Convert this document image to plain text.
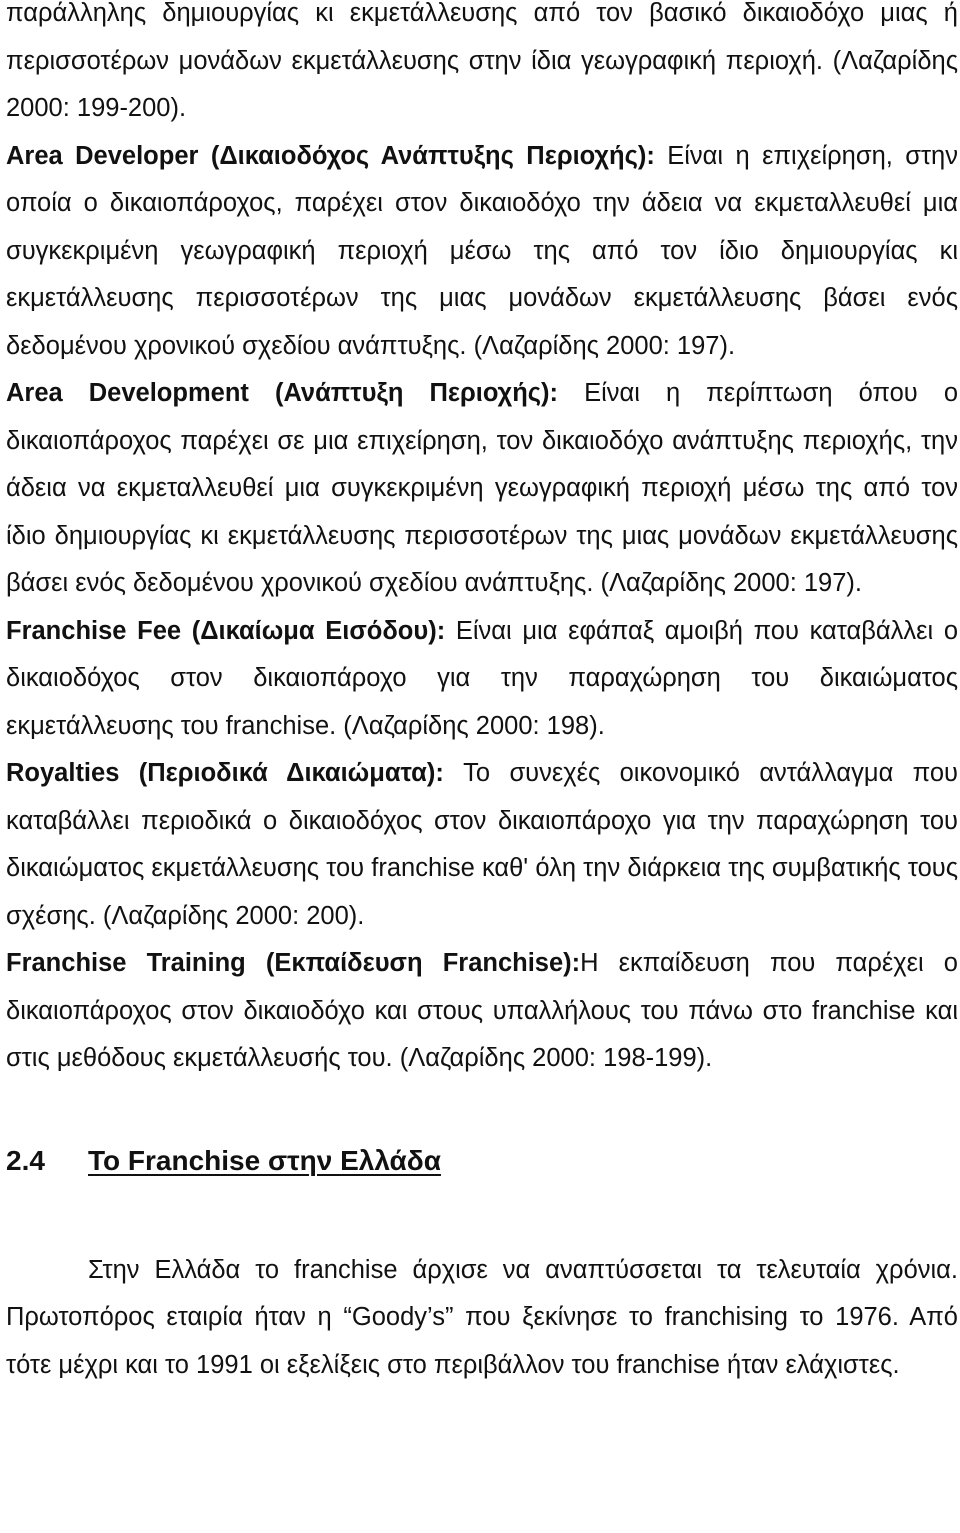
παράλληλης δημιουργίας κι εκμετάλλευσης από τον βασικό δικαιοδόχο μιας ή περισσοτέρων μονάδων εκμετάλλευσης στην ίδια γεωγραφική περιοχή. (Λαζαρίδης 2000: 199-200).

Area Developer (Δικαιοδόχος Ανάπτυξης Περιοχής): Είναι η επιχείρηση, στην οποία ο δικαιοπάροχος, παρέχει στον δικαιοδόχο την άδεια να εκμεταλλευθεί μια συγκεκριμένη γεωγραφική περιοχή μέσω της από τον ίδιο δημιουργίας κι εκμετάλλευσης περισσοτέρων της μιας μονάδων εκμετάλλευσης βάσει ενός δεδομένου χρονικού σχεδίου ανάπτυξης. (Λαζαρίδης 2000: 197).

Area Development (Ανάπτυξη Περιοχής): Είναι η περίπτωση όπου ο δικαιοπάροχος παρέχει σε μια επιχείρηση, τον δικαιοδόχο ανάπτυξης περιοχής, την άδεια να εκμεταλλευθεί μια συγκεκριμένη γεωγραφική περιοχή μέσω της από τον ίδιο δημιουργίας κι εκμετάλλευσης περισσοτέρων της μιας μονάδων εκμετάλλευσης βάσει ενός δεδομένου χρονικού σχεδίου ανάπτυξης. (Λαζαρίδης 2000: 197).

Franchise Fee (Δικαίωμα Εισόδου): Είναι μια εφάπαξ αμοιβή που καταβάλλει ο δικαιοδόχος στον δικαιοπάροχο για την παραχώρηση του δικαιώματος εκμετάλλευσης του franchise. (Λαζαρίδης 2000: 198).

Royalties (Περιοδικά Δικαιώματα): Το συνεχές οικονομικό αντάλλαγμα που καταβάλλει περιοδικά ο δικαιοδόχος στον δικαιοπάροχο για την παραχώρηση του δικαιώματος εκμετάλλευσης του franchise καθ' όλη την διάρκεια της συμβατικής τους σχέσης. (Λαζαρίδης 2000: 200).

Franchise Training (Εκπαίδευση Franchise):Η εκπαίδευση που παρέχει ο δικαιοπάροχος στον δικαιοδόχο και στους υπαλλήλους του πάνω στο franchise και στις μεθόδους εκμετάλλευσής του. (Λαζαρίδης 2000: 198-199).

2.4	Το Franchise στην Ελλάδα

Στην Ελλάδα το franchise άρχισε να αναπτύσσεται τα τελευταία χρόνια. Πρωτοπόρος εταιρία ήταν η “Goody’s” που ξεκίνησε το franchising το 1976. Από τότε μέχρι και το 1991 οι εξελίξεις στο περιβάλλον του franchise ήταν ελάχιστες.
